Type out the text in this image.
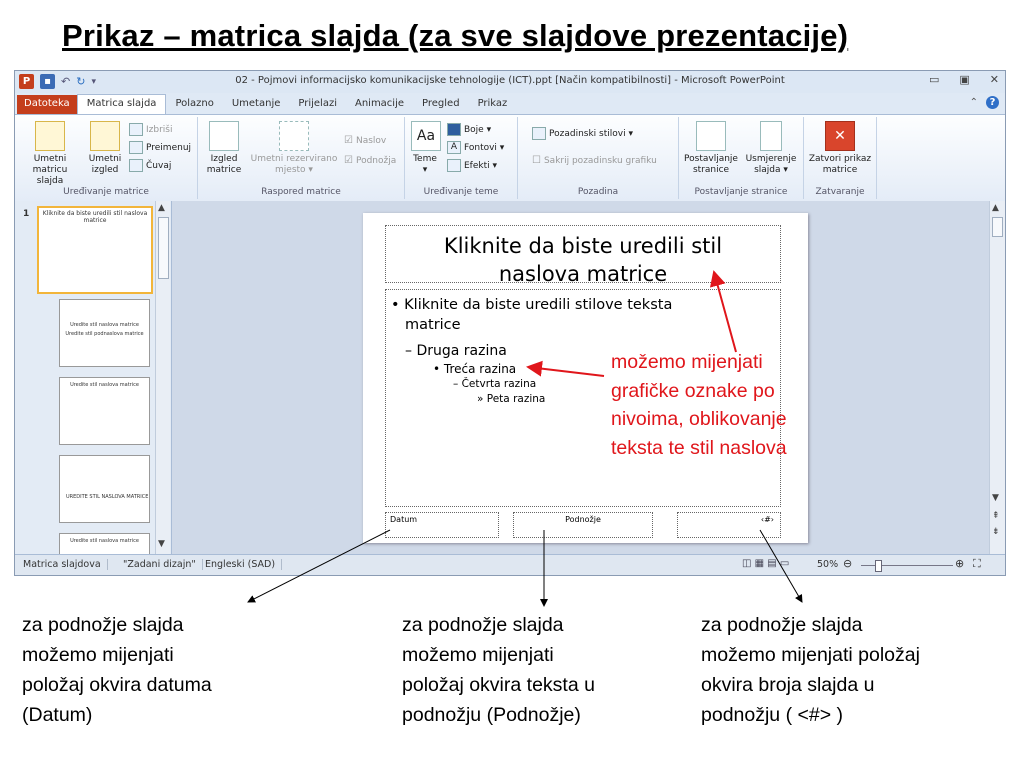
Prikaz – matrica slajda (za sve slajdove prezentacije)
P	▪ ↶ ↻ ▾	02 - Pojmovi informacijsko komunikacijske tehnologije (ICT).ppt [Način kompatibilnosti] - Microsoft PowerPoint	▭ ▣ ✕
Datoteka	Matrica slajda	Polazno	Umetanje	Prijelazi	Animacije	Pregled	Prikaz	⌃	?
Umetni
matricu slajda
Umetni
izgled
Izbriši
Preimenuj
Čuvaj
Uređivanje matrice
Izgled
matrice
Umetni rezervirano
mjesto ▾
☑ Naslov
☑ Podnožja
Raspored matrice
Aa
Teme
▾
Boje ▾
A Fontovi ▾
Efekti ▾
Uređivanje teme
Pozadinski stilovi ▾
☐ Sakrij pozadinsku grafiku
Pozadina
Postavljanje
stranice
Usmjerenje
slajda ▾
Postavljanje stranice
✕
Zatvori prikaz
matrice
Zatvaranje
1	Kliknite da biste uredili stil naslova matrice
Uredite stil naslova matrice
Uredite stil podnaslova matrice
Uredite stil naslova matrice
UREDITE STIL NASLOVA MATRICE
Uredite stil naslova matrice
▲
▼
Kliknite da biste uredili stil
naslova matrice
• Kliknite da biste uredili stilove teksta
matrice
– Druga razina
• Treća razina
– Četvrta razina
» Peta razina
Datum	Podnožje	‹#›
▲
▼
⇞
⇟
Matrica slajdova	"Zadani dizajn" Engleski (SAD)	◫ ▦ ▤ ▭	50% ⊖	⊕ ⛶
možemo mijenjati
grafičke oznake po
nivoima, oblikovanje
teksta te stil naslova
za podnožje slajda
možemo mijenjati
položaj okvira datuma
(Datum)
za podnožje slajda
možemo mijenjati
položaj okvira teksta u
podnožju (Podnožje)
za podnožje slajda
možemo mijenjati položaj
okvira broja slajda u
podnožju ( <#> )
